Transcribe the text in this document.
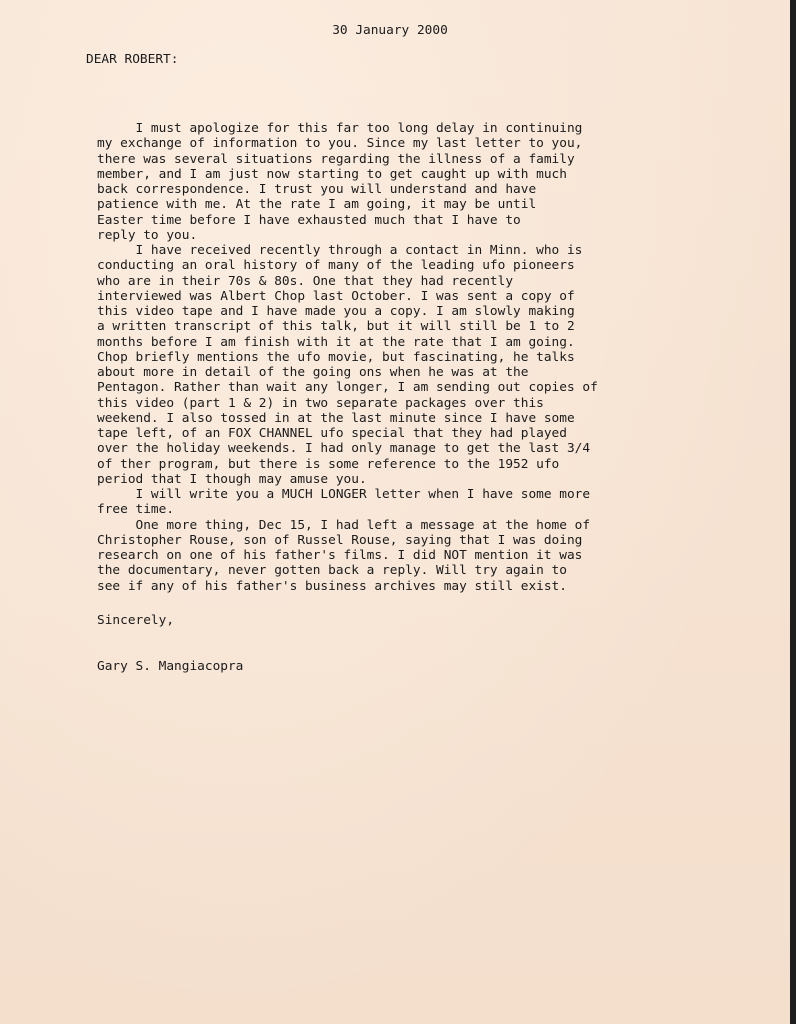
30 January 2000
DEAR ROBERT:
I must apologize for this far too long delay in continuing
my exchange of information to you. Since my last letter to you,
there was several situations regarding the illness of a family
member, and I am just now starting to get caught up with much
back correspondence. I trust you will understand and have
patience with me. At the rate I am going, it may be until
Easter time before I have exhausted much that I have to
reply to you.
I have received recently through a contact in Minn. who is
conducting an oral history of many of the leading ufo pioneers
who are in their 70s & 80s. One that they had recently
interviewed was Albert Chop last October. I was sent a copy of
this video tape and I have made you a copy. I am slowly making
a written transcript of this talk, but it will still be 1 to 2
months before I am finish with it at the rate that I am going.
Chop briefly mentions the ufo movie, but fascinating, he talks
about more in detail of the going ons when he was at the
Pentagon. Rather than wait any longer, I am sending out copies of
this video (part 1 & 2) in two separate packages over this
weekend. I also tossed in at the last minute since I have some
tape left, of an FOX CHANNEL ufo special that they had played
over the holiday weekends. I had only manage to get the last 3/4
of ther program, but there is some reference to the 1952 ufo
period that I though may amuse you.
I will write you a MUCH LONGER letter when I have some more
free time.
One more thing, Dec 15, I had left a message at the home of
Christopher Rouse, son of Russel Rouse, saying that I was doing
research on one of his father's films. I did NOT mention it was
the documentary, never gotten back a reply. Will try again to
see if any of his father's business archives may still exist.
Sincerely,
Gary S. Mangiacopra
